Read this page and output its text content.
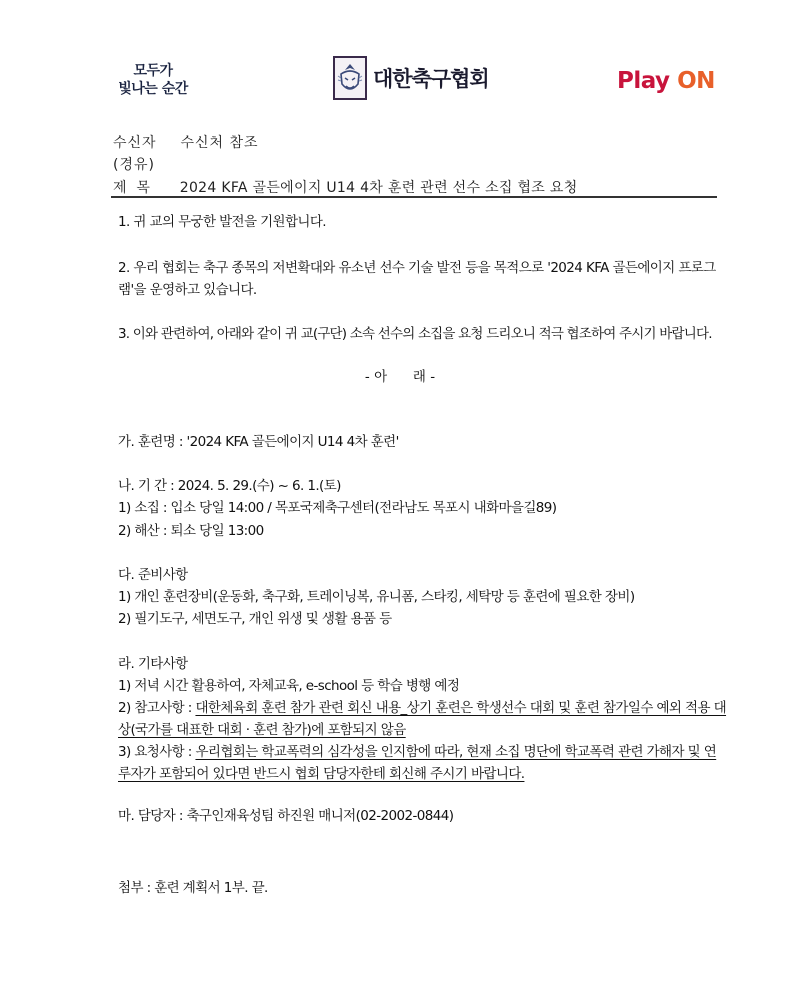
모두가
빛나는 순간	대한축구협회	Play ON
수신자 수신처 참조
(경유)
제  목 2024 KFA 골든에이지 U14 4차 훈련 관련 선수 소집 협조 요청
1. 귀 교의 무궁한 발전을 기원합니다.
2. 우리 협회는 축구 종목의 저변확대와 유소년 선수 기술 발전 등을 목적으로 '2024 KFA 골든에이지 프로그
램'을 운영하고 있습니다.
3. 이와 관련하여, 아래와 같이 귀 교(구단) 소속 선수의 소집을 요청 드리오니 적극 협조하여 주시기 바랍니다.
- 아      래 -
가. 훈련명 : '2024 KFA 골든에이지 U14 4차 훈련'
나. 기 간 : 2024. 5. 29.(수) ~ 6. 1.(토)
1) 소집 : 입소 당일 14:00 / 목포국제축구센터(전라남도 목포시 내화마을길89)
2) 해산 : 퇴소 당일 13:00
다. 준비사항
1) 개인 훈련장비(운동화, 축구화, 트레이닝복, 유니폼, 스타킹, 세탁망 등 훈련에 필요한 장비)
2) 필기도구, 세면도구, 개인 위생 및 생활 용품 등
라. 기타사항
1) 저녁 시간 활용하여, 자체교육, e-school 등 학습 병행 예정
2) 참고사항 : 대한체육회 훈련 참가 관련 회신 내용_상기 훈련은 학생선수 대회 및 훈련 참가일수 예외 적용 대
상(국가를 대표한 대회 · 훈련 참가)에 포함되지 않음
3) 요청사항 : 우리협회는 학교폭력의 심각성을 인지함에 따라, 현재 소집 명단에 학교폭력 관련 가해자 및 연
루자가 포함되어 있다면 반드시 협회 담당자한테 회신해 주시기 바랍니다.
마. 담당자 : 축구인재육성팀 하진원 매니저(02-2002-0844)
첨부 : 훈련 계획서 1부. 끝.
